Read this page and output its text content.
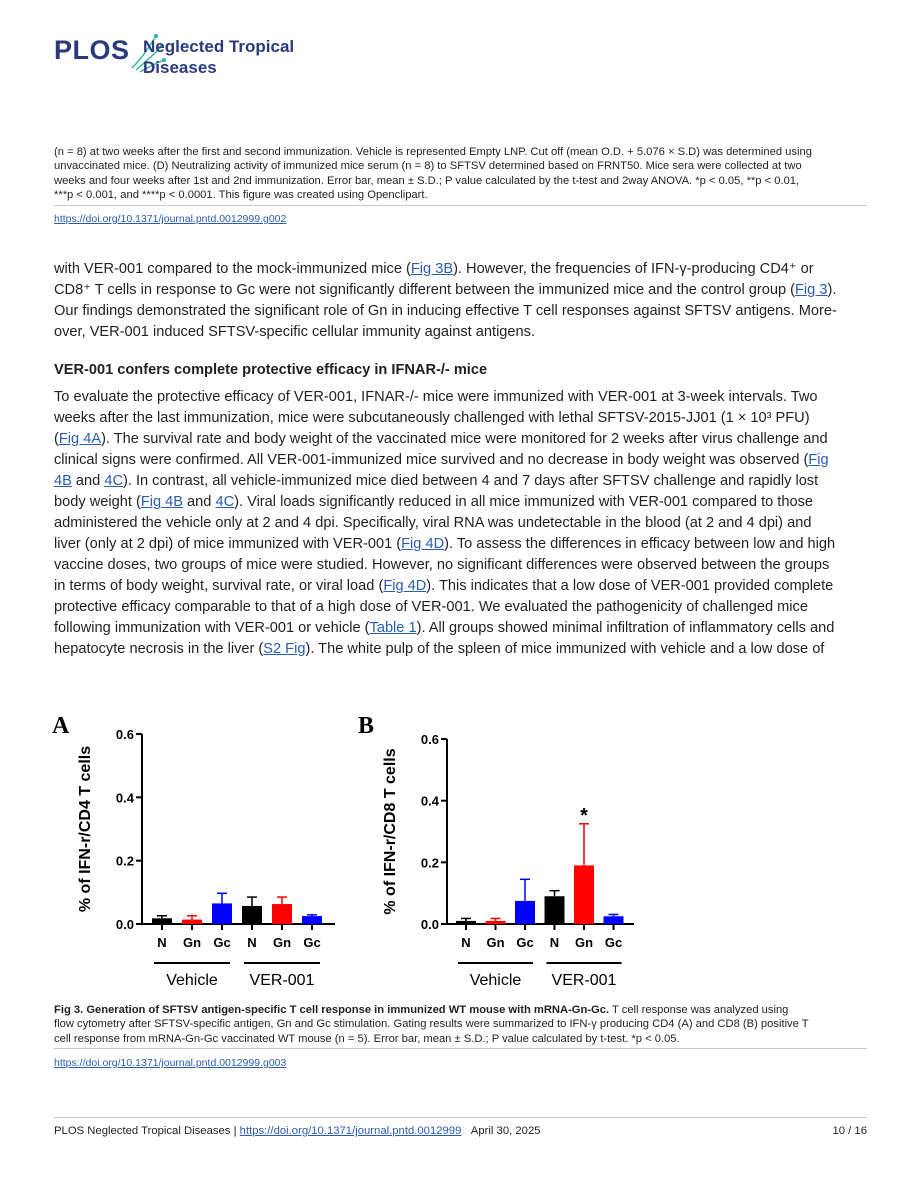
PLOS Neglected Tropical
Diseases
(n = 8) at two weeks after the first and second immunization. Vehicle is represented Empty LNP. Cut off (mean O.D. + 5.076 × S.D) was determined using
unvaccinated mice. (D) Neutralizing activity of immunized mice serum (n = 8) to SFTSV determined based on FRNT50. Mice sera were collected at two
weeks and four weeks after 1st and 2nd immunization. Error bar, mean ± S.D.; P value calculated by the t-test and 2way ANOVA. *p < 0.05, **p < 0.01,
***p < 0.001, and ****p < 0.0001. This figure was created using Openclipart.
https://doi.org/10.1371/journal.pntd.0012999.g002
with VER-001 compared to the mock-immunized mice (Fig 3B). However, the frequencies of IFN-γ-producing CD4⁺ or
CD8⁺ T cells in response to Gc were not significantly different between the immunized mice and the control group (Fig 3).
Our findings demonstrated the significant role of Gn in inducing effective T cell responses against SFTSV antigens. More-
over, VER-001 induced SFTSV-specific cellular immunity against antigens.
VER-001 confers complete protective efficacy in IFNAR-/- mice
To evaluate the protective efficacy of VER-001, IFNAR-/- mice were immunized with VER-001 at 3-week intervals. Two
weeks after the last immunization, mice were subcutaneously challenged with lethal SFTSV-2015-JJ01 (1 × 10³ PFU)
(Fig 4A). The survival rate and body weight of the vaccinated mice were monitored for 2 weeks after virus challenge and
clinical signs were confirmed. All VER-001-immunized mice survived and no decrease in body weight was observed (Fig
4B and 4C). In contrast, all vehicle-immunized mice died between 4 and 7 days after SFTSV challenge and rapidly lost
body weight (Fig 4B and 4C). Viral loads significantly reduced in all mice immunized with VER-001 compared to those
administered the vehicle only at 2 and 4 dpi. Specifically, viral RNA was undetectable in the blood (at 2 and 4 dpi) and
liver (only at 2 dpi) of mice immunized with VER-001 (Fig 4D). To assess the differences in efficacy between low and high
vaccine doses, two groups of mice were studied. However, no significant differences were observed between the groups
in terms of body weight, survival rate, or viral load (Fig 4D). This indicates that a low dose of VER-001 provided complete
protective efficacy comparable to that of a high dose of VER-001. We evaluated the pathogenicity of challenged mice
following immunization with VER-001 or vehicle (Table 1). All groups showed minimal infiltration of inflammatory cells and
hepatocyte necrosis in the liver (S2 Fig). The white pulp of the spleen of mice immunized with vehicle and a low dose of
A	B
0.0
0.2
0.4
0.6
% of IFN-r/CD4 T cells
N Gn Gc N Gn Gc
Vehicle VER-001
0.0
0.2
0.4
0.6
% of IFN-r/CD8 T cells
N Gn Gc N Gn
*
Gc
Vehicle VER-001
Fig 3. Generation of SFTSV antigen-specific T cell response in immunized WT mouse with mRNA-Gn-Gc. T cell response was analyzed using
flow cytometry after SFTSV-specific antigen, Gn and Gc stimulation. Gating results were summarized to IFN-γ producing CD4 (A) and CD8 (B) positive T
cell response from mRNA-Gn-Gc vaccinated WT mouse (n = 5). Error bar, mean ± S.D.; P value calculated by t-test. *p < 0.05.
https://doi.org/10.1371/journal.pntd.0012999.g003
PLOS Neglected Tropical Diseases | https://doi.org/10.1371/journal.pntd.0012999 April 30, 2025	10 / 16
